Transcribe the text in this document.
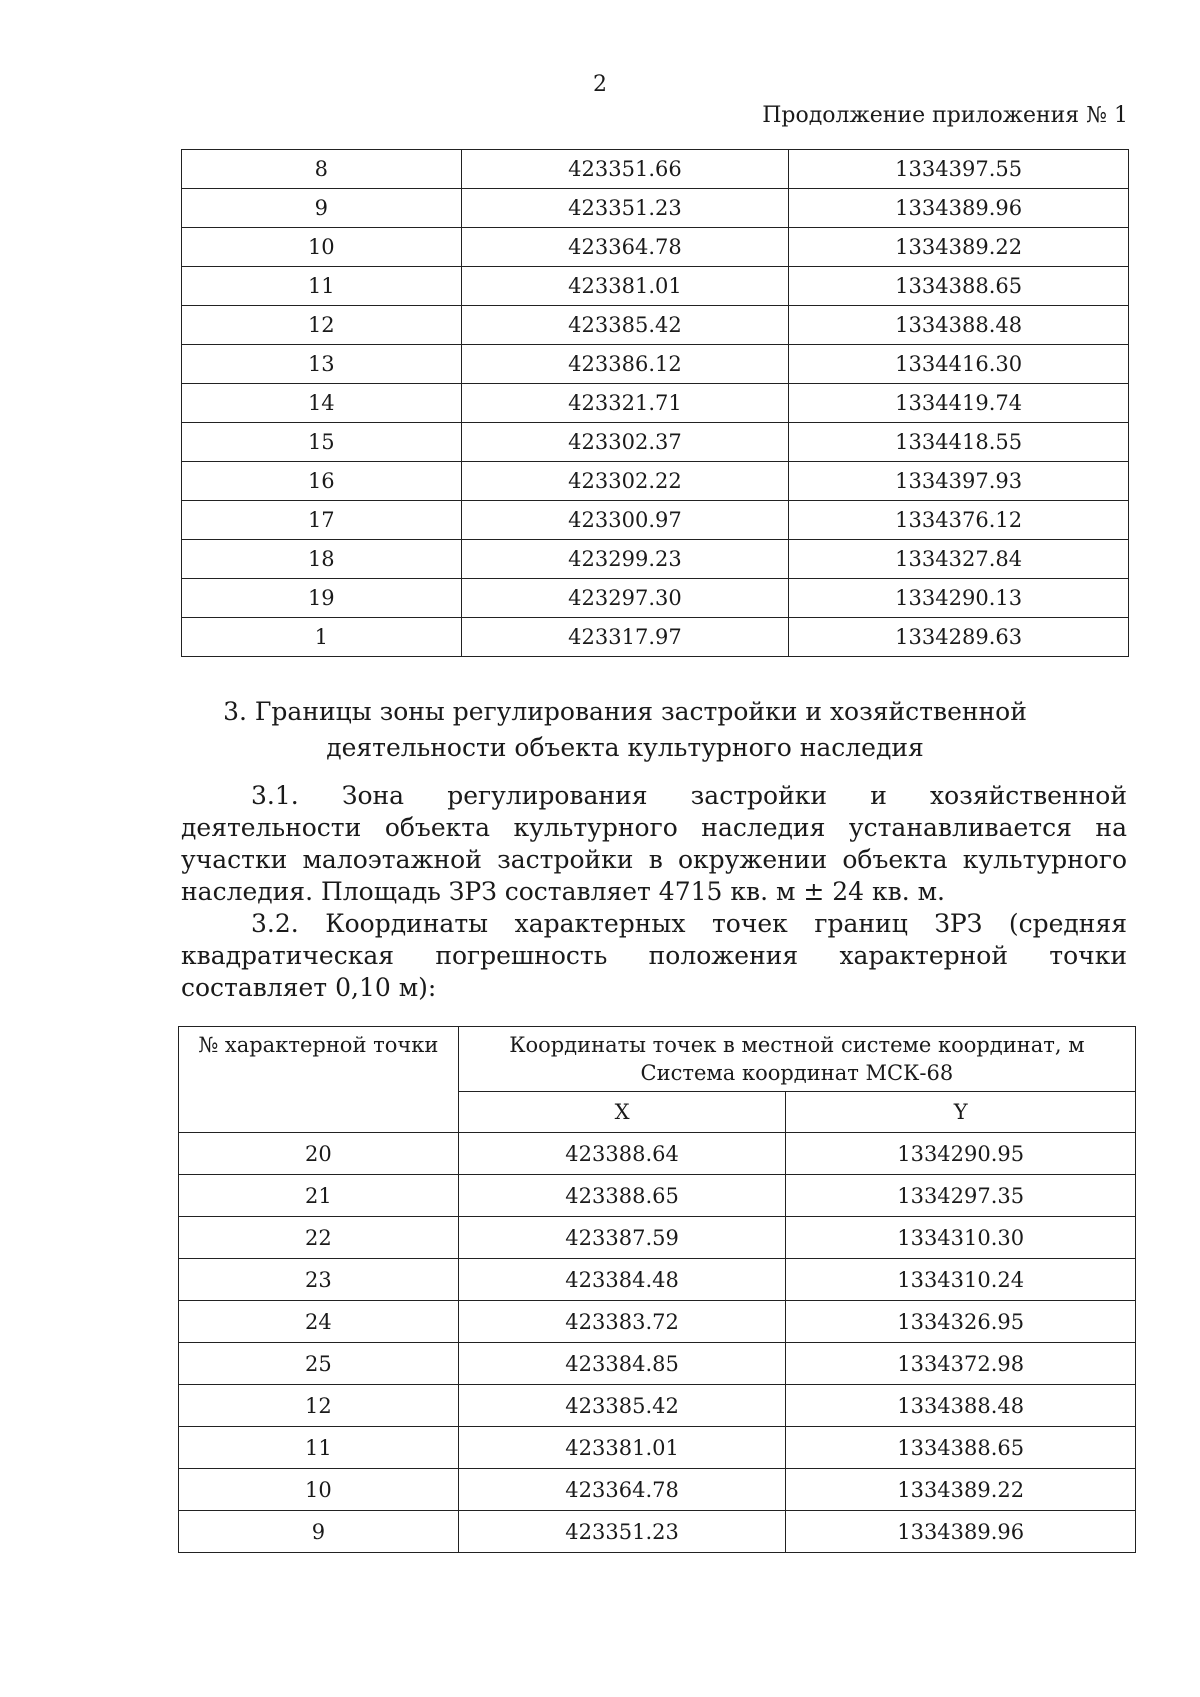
2
Продолжение приложения № 1
8	423351.66	1334397.55
9	423351.23	1334389.96
10	423364.78	1334389.22
11	423381.01	1334388.65
12	423385.42	1334388.48
13	423386.12	1334416.30
14	423321.71	1334419.74
15	423302.37	1334418.55
16	423302.22	1334397.93
17	423300.97	1334376.12
18	423299.23	1334327.84
19	423297.30	1334290.13
1	423317.97	1334289.63
3. Границы зоны регулирования застройки и хозяйственной
деятельности объекта культурного наследия
3.1. Зона регулирования застройки и хозяйственной деятельности объекта культурного наследия устанавливается на участки малоэтажной застройки в окружении объекта культурного наследия. Площадь ЗРЗ составляет 4715 кв. м ± 24 кв. м.
3.2. Координаты характерных точек границ ЗРЗ (средняя квадратическая погрешность положения характерной точки составляет 0,10 м):
№ характерной точки	Координаты точек в местной системе координат, м
Система координат МСК-68	

	X	Y
20	423388.64	1334290.95
21	423388.65	1334297.35
22	423387.59	1334310.30
23	423384.48	1334310.24
24	423383.72	1334326.95
25	423384.85	1334372.98
12	423385.42	1334388.48
11	423381.01	1334388.65
10	423364.78	1334389.22
9	423351.23	1334389.96
